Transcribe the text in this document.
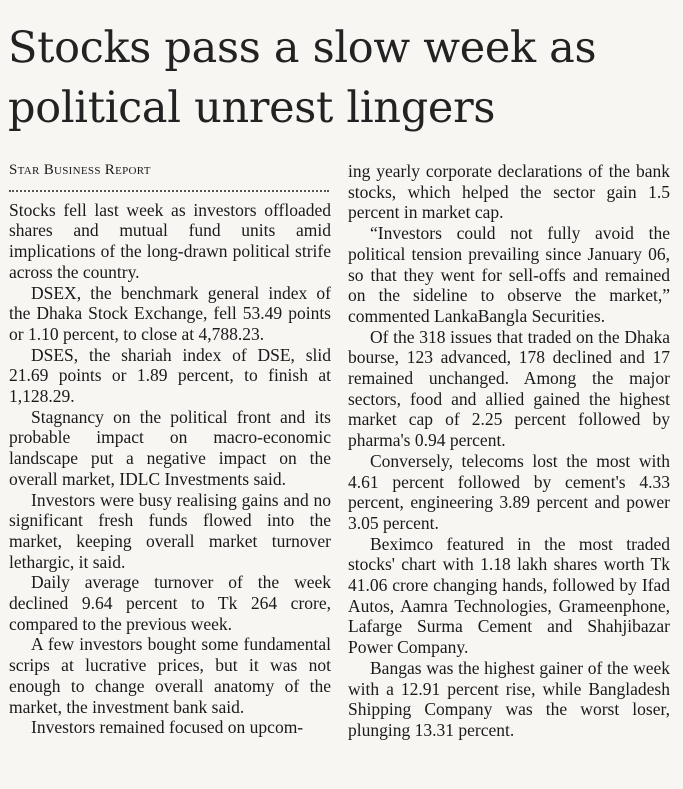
Stocks pass a slow week as political unrest lingers
Star Business Report

Stocks fell last week as investors offloaded shares and mutual fund units amid implications of the long-drawn political strife across the country.

DSEX, the benchmark general index of the Dhaka Stock Exchange, fell 53.49 points or 1.10 percent, to close at 4,788.23.

DSES, the shariah index of DSE, slid 21.69 points or 1.89 percent, to finish at 1,128.29.

Stagnancy on the political front and its probable impact on macro-economic landscape put a negative impact on the overall market, IDLC Investments said.

Investors were busy realising gains and no significant fresh funds flowed into the market, keeping overall market turnover lethargic, it said.

Daily average turnover of the week declined 9.64 percent to Tk 264 crore, compared to the previous week.

A few investors bought some fundamental scrips at lucrative prices, but it was not enough to change overall anatomy of the market, the investment bank said.

Investors remained focused on upcom-

ing yearly corporate declarations of the bank stocks, which helped the sector gain 1.5 percent in market cap.

“Investors could not fully avoid the political tension prevailing since January 06, so that they went for sell-offs and remained on the sideline to observe the market,” commented LankaBangla Securities.

Of the 318 issues that traded on the Dhaka bourse, 123 advanced, 178 declined and 17 remained unchanged. Among the major sectors, food and allied gained the highest market cap of 2.25 percent followed by pharma's 0.94 percent.

Conversely, telecoms lost the most with 4.61 percent followed by cement's 4.33 percent, engineering 3.89 percent and power 3.05 percent.

Beximco featured in the most traded stocks' chart with 1.18 lakh shares worth Tk 41.06 crore changing hands, followed by Ifad Autos, Aamra Technologies, Grameenphone, Lafarge Surma Cement and Shahjibazar Power Company.

Bangas was the highest gainer of the week with a 12.91 percent rise, while Bangladesh Shipping Company was the worst loser, plunging 13.31 percent.
